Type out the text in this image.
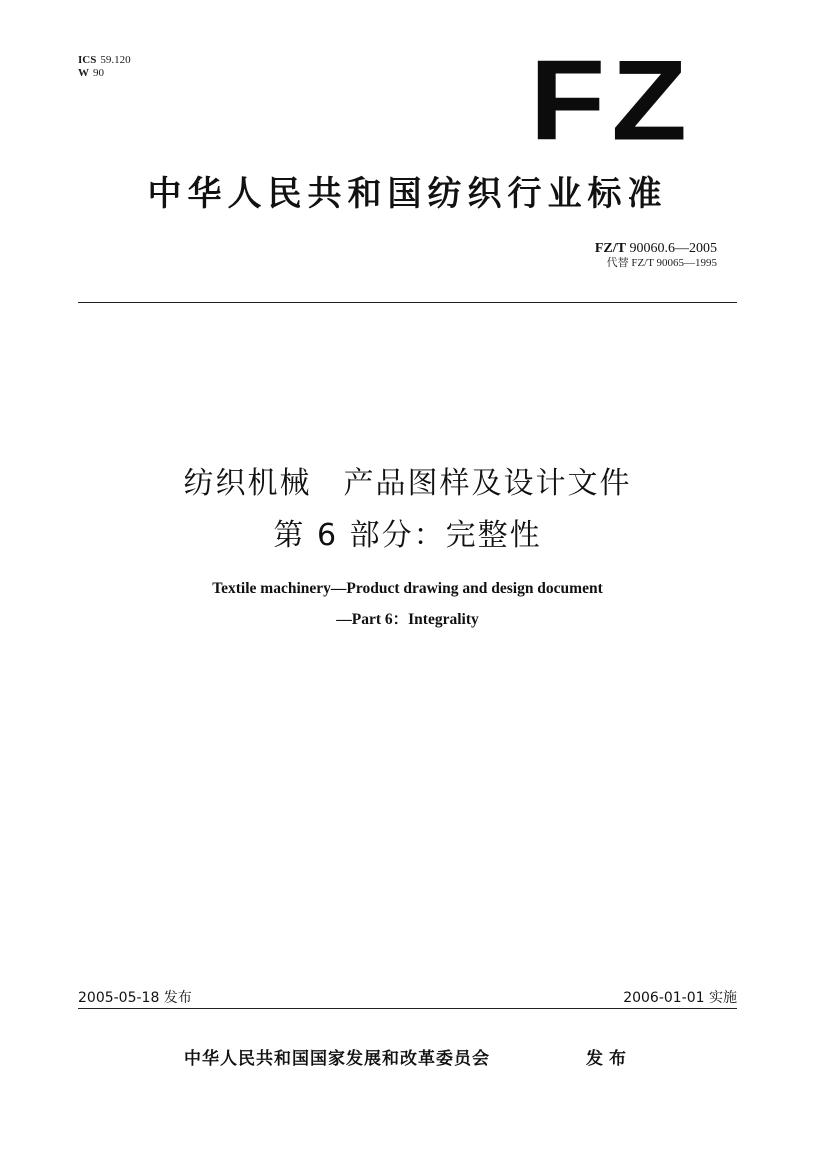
ICS 59.120
W 90	FZ
中华人民共和国纺织行业标准
FZ/T 90060.6—2005
代替 FZ/T 90065—1995
纺织机械　产品图样及设计文件
第 6 部分：完整性
Textile machinery—Product drawing and design document
—Part 6：Integrality
2005-05-18 发布	2006-01-01 实施
中华人民共和国国家发展和改革委员会	发布
